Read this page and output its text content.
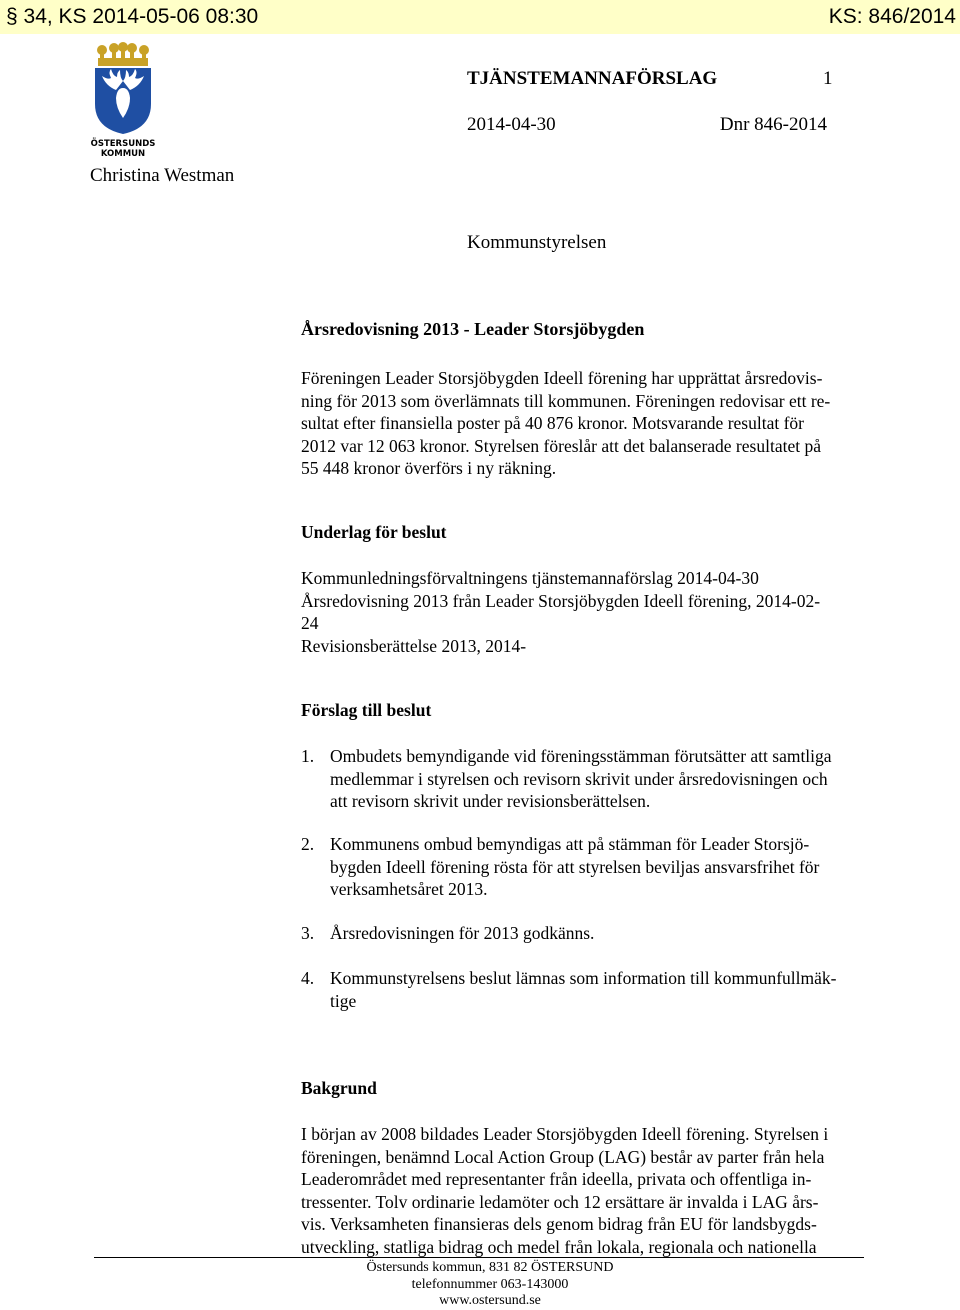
§ 34, KS 2014-05-06 08:30	KS: 846/2014
ÖSTERSUNDS
KOMMUN
TJÄNSTEMANNAFÖRSLAG	1
2014-04-30	Dnr 846-2014
Christina Westman
Kommunstyrelsen
Årsredovisning 2013 - Leader Storsjöbygden
Föreningen Leader Storsjöbygden Ideell förening har upprättat årsredovis-
ning för 2013 som överlämnats till kommunen. Föreningen redovisar ett re-
sultat efter finansiella poster på 40 876 kronor. Motsvarande resultat för
2012 var 12 063 kronor. Styrelsen föreslår att det balanserade resultatet på
55 448 kronor överförs i ny räkning.
Underlag för beslut
Kommunledningsförvaltningens tjänstemannaförslag 2014-04-30
Årsredovisning 2013 från Leader Storsjöbygden Ideell förening, 2014-02-
24
Revisionsberättelse 2013, 2014-
Förslag till beslut
1. Ombudets bemyndigande vid föreningsstämman förutsätter att samtliga
medlemmar i styrelsen och revisorn skrivit under årsredovisningen och
att revisorn skrivit under revisionsberättelsen.
2. Kommunens ombud bemyndigas att på stämman för Leader Storsjö-
bygden Ideell förening rösta för att styrelsen beviljas ansvarsfrihet för
verksamhetsåret 2013.
3. Årsredovisningen för 2013 godkänns.
4. Kommunstyrelsens beslut lämnas som information till kommunfullmäk-
tige
Bakgrund
I början av 2008 bildades Leader Storsjöbygden Ideell förening. Styrelsen i
föreningen, benämnd Local Action Group (LAG) består av parter från hela
Leaderområdet med representanter från ideella, privata och offentliga in-
tressenter. Tolv ordinarie ledamöter och 12 ersättare är invalda i LAG års-
vis. Verksamheten finansieras dels genom bidrag från EU för landsbygds-
utveckling, statliga bidrag och medel från lokala, regionala och nationella
Östersunds kommun, 831 82 ÖSTERSUND
telefonnummer 063-143000
www.ostersund.se
